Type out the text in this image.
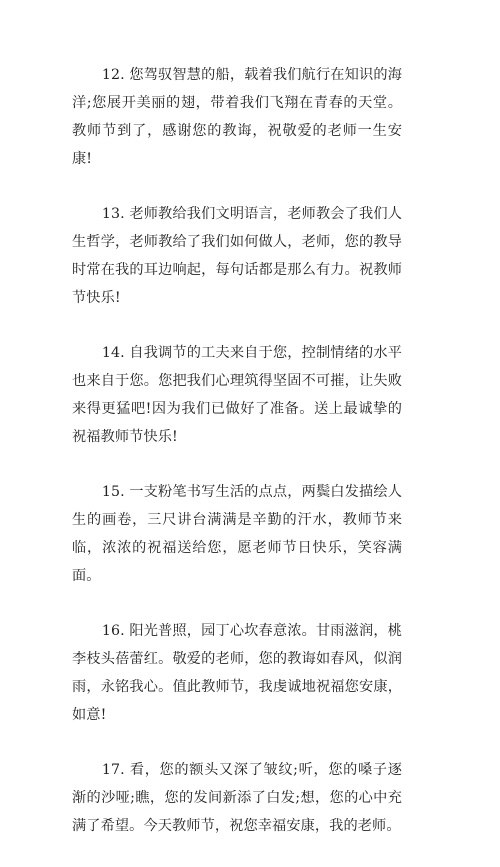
12. 您驾驭智慧的船，载着我们航行在知识的海洋;您展开美丽的翅，带着我们飞翔在青春的天堂。教师节到了，感谢您的教诲，祝敬爱的老师一生安康!

13. 老师教给我们文明语言，老师教会了我们人生哲学，老师教给了我们如何做人，老师，您的教导时常在我的耳边响起，每句话都是那么有力。祝教师节快乐!

14. 自我调节的工夫来自于您，控制情绪的水平也来自于您。您把我们心理筑得坚固不可摧，让失败来得更猛吧!因为我们已做好了准备。送上最诚挚的祝福教师节快乐!

15. 一支粉笔书写生活的点点，两鬓白发描绘人生的画卷，三尺讲台满满是辛勤的汗水，教师节来临，浓浓的祝福送给您，愿老师节日快乐，笑容满面。

16. 阳光普照，园丁心坎春意浓。甘雨滋润，桃李枝头蓓蕾红。敬爱的老师，您的教诲如春风，似润雨，永铭我心。值此教师节，我虔诚地祝福您安康，如意!

17. 看，您的额头又深了皱纹;听，您的嗓子逐渐的沙哑;瞧，您的发间新添了白发;想，您的心中充满了希望。今天教师节，祝您幸福安康，我的老师。
